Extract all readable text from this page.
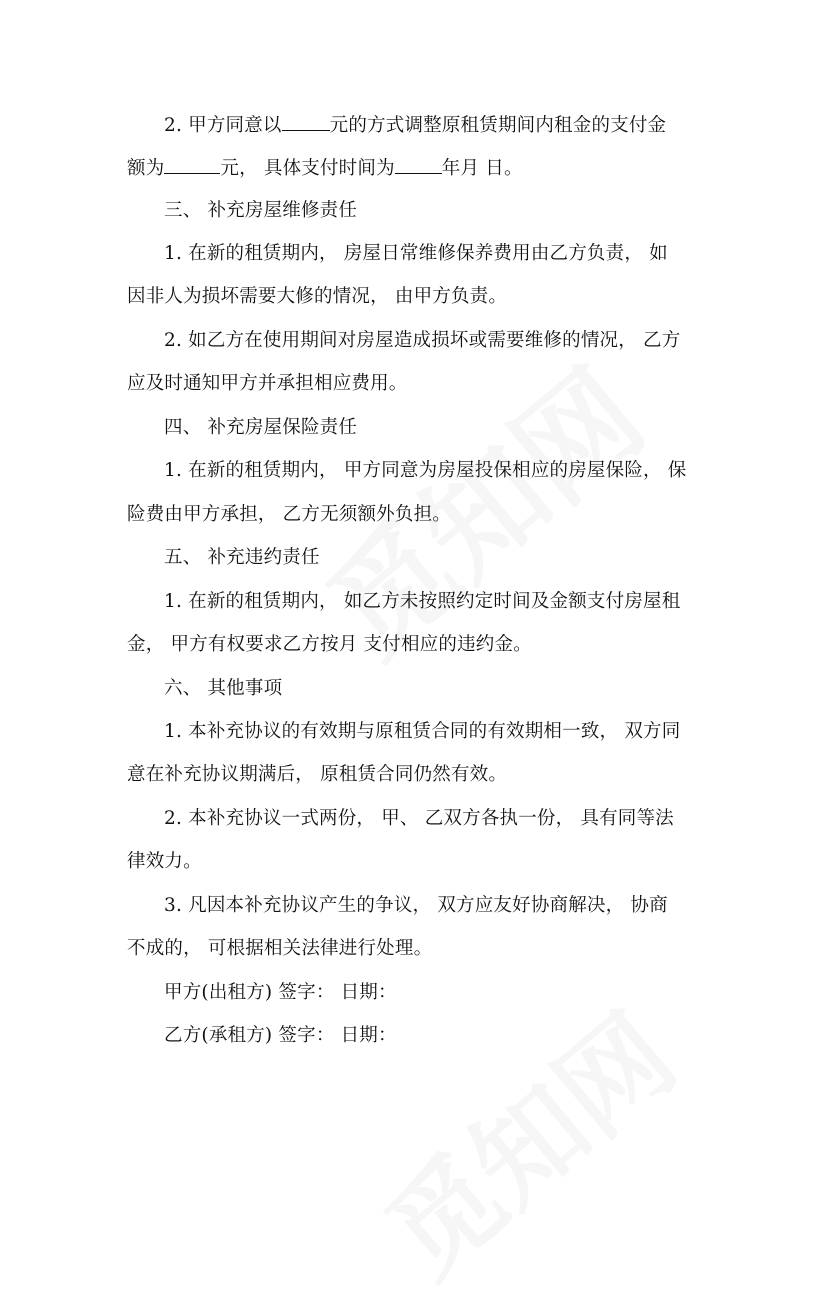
2. 甲方同意以	元的方式调整原租赁期间内租金的支付金
额为	元， 具体支付时间为	年月 日。
三、 补充房屋维修责任
1. 在新的租赁期内， 房屋日常维修保养费用由乙方负责， 如
因非人为损坏需要大修的情况， 由甲方负责。
2. 如乙方在使用期间对房屋造成损坏或需要维修的情况， 乙方
应及时通知甲方并承担相应费用。
四、 补充房屋保险责任
1. 在新的租赁期内， 甲方同意为房屋投保相应的房屋保险， 保
险费由甲方承担， 乙方无须额外负担。
五、 补充违约责任
1. 在新的租赁期内， 如乙方未按照约定时间及金额支付房屋租
金， 甲方有权要求乙方按月 支付相应的违约金。
六、 其他事项
1. 本补充协议的有效期与原租赁合同的有效期相一致， 双方同
意在补充协议期满后， 原租赁合同仍然有效。
2. 本补充协议一式两份， 甲、 乙双方各执一份， 具有同等法
律效力。
3. 凡因本补充协议产生的争议， 双方应友好协商解决， 协商
不成的， 可根据相关法律进行处理。
甲方(出租方) 签字： 日期：
乙方(承租方) 签字： 日期：
